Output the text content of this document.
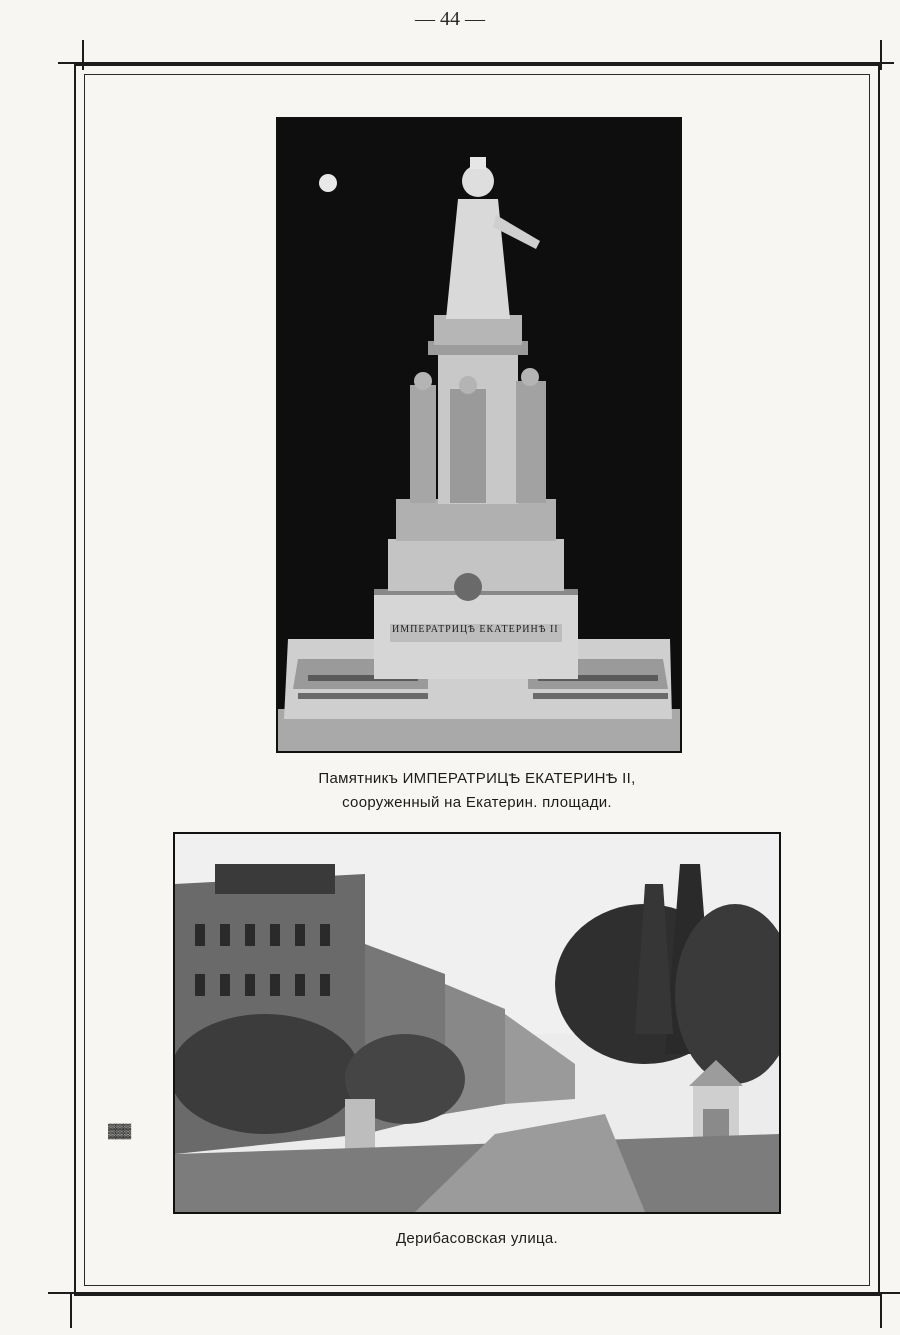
— 44 —
ИМПЕРАТРИЦѢ ЕКАТЕРИНѢ II
Памятникъ ИМПЕРАТРИЦѢ ЕКАТЕРИНѢ II,
сооруженный на Екатерин. площади.
Дерибасовская улица.
▓▓▓
